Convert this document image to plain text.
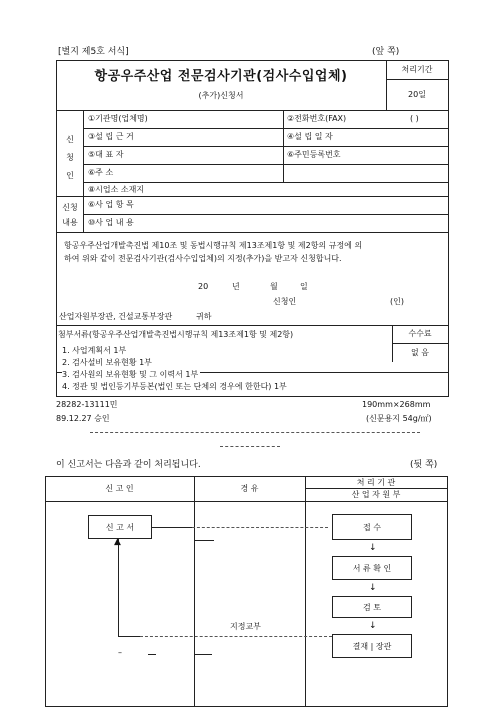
[별지 제5호 서식]	(앞 쪽)
항공우주산업 전문검사기관(검사수입업체)
(추가)신청서
처리기간
20일
신
청
인
①기관명(업체명)	②전화번호(FAX)	( )
③설 립 근 거	④설 립 일 자
⑤대 표 자	⑥주민등록번호
⑥주 소
⑧시업소 소재지
신청
내용
⑥사 업 항 목
⑩사 업 내 용
항공우주산업개발촉진법 제10조 및 동법시행규칙 제13조제1항 및 제2항의 규정에 의
하여 위와 같이 전문검사기관(검사수입업체)의 지정(추가)을 받고자 신청합니다.
20	년	월	일
신청인	(인)
산업자원부장관, 건설교통부장관	귀하
첨부서류(항공우주산업개발촉진법시행규칙 제13조제1항 및 제2항)
1. 사업계획서 1부
2. 검사설비 보유현황 1부
수수료
없 음
3. 검사원의 보유현황 및 그 이력서 1부
4. 정관 및 법인등기부등본(법인 또는 단체의 경우에 한한다) 1부
28282-13111민	190mm×268mm
89.12.27 승인	(신문용지 54g/㎡)
이 신고서는 다음과 같이 처리됩니다.	(뒷 쪽)
신 고 인	경 유
처 리 기 관
산 업 자 원 부
신 고 서
▲
–
접 수
↓
서 류 확 인
↓
검 토
↓
결재 | 장관
지정교부
